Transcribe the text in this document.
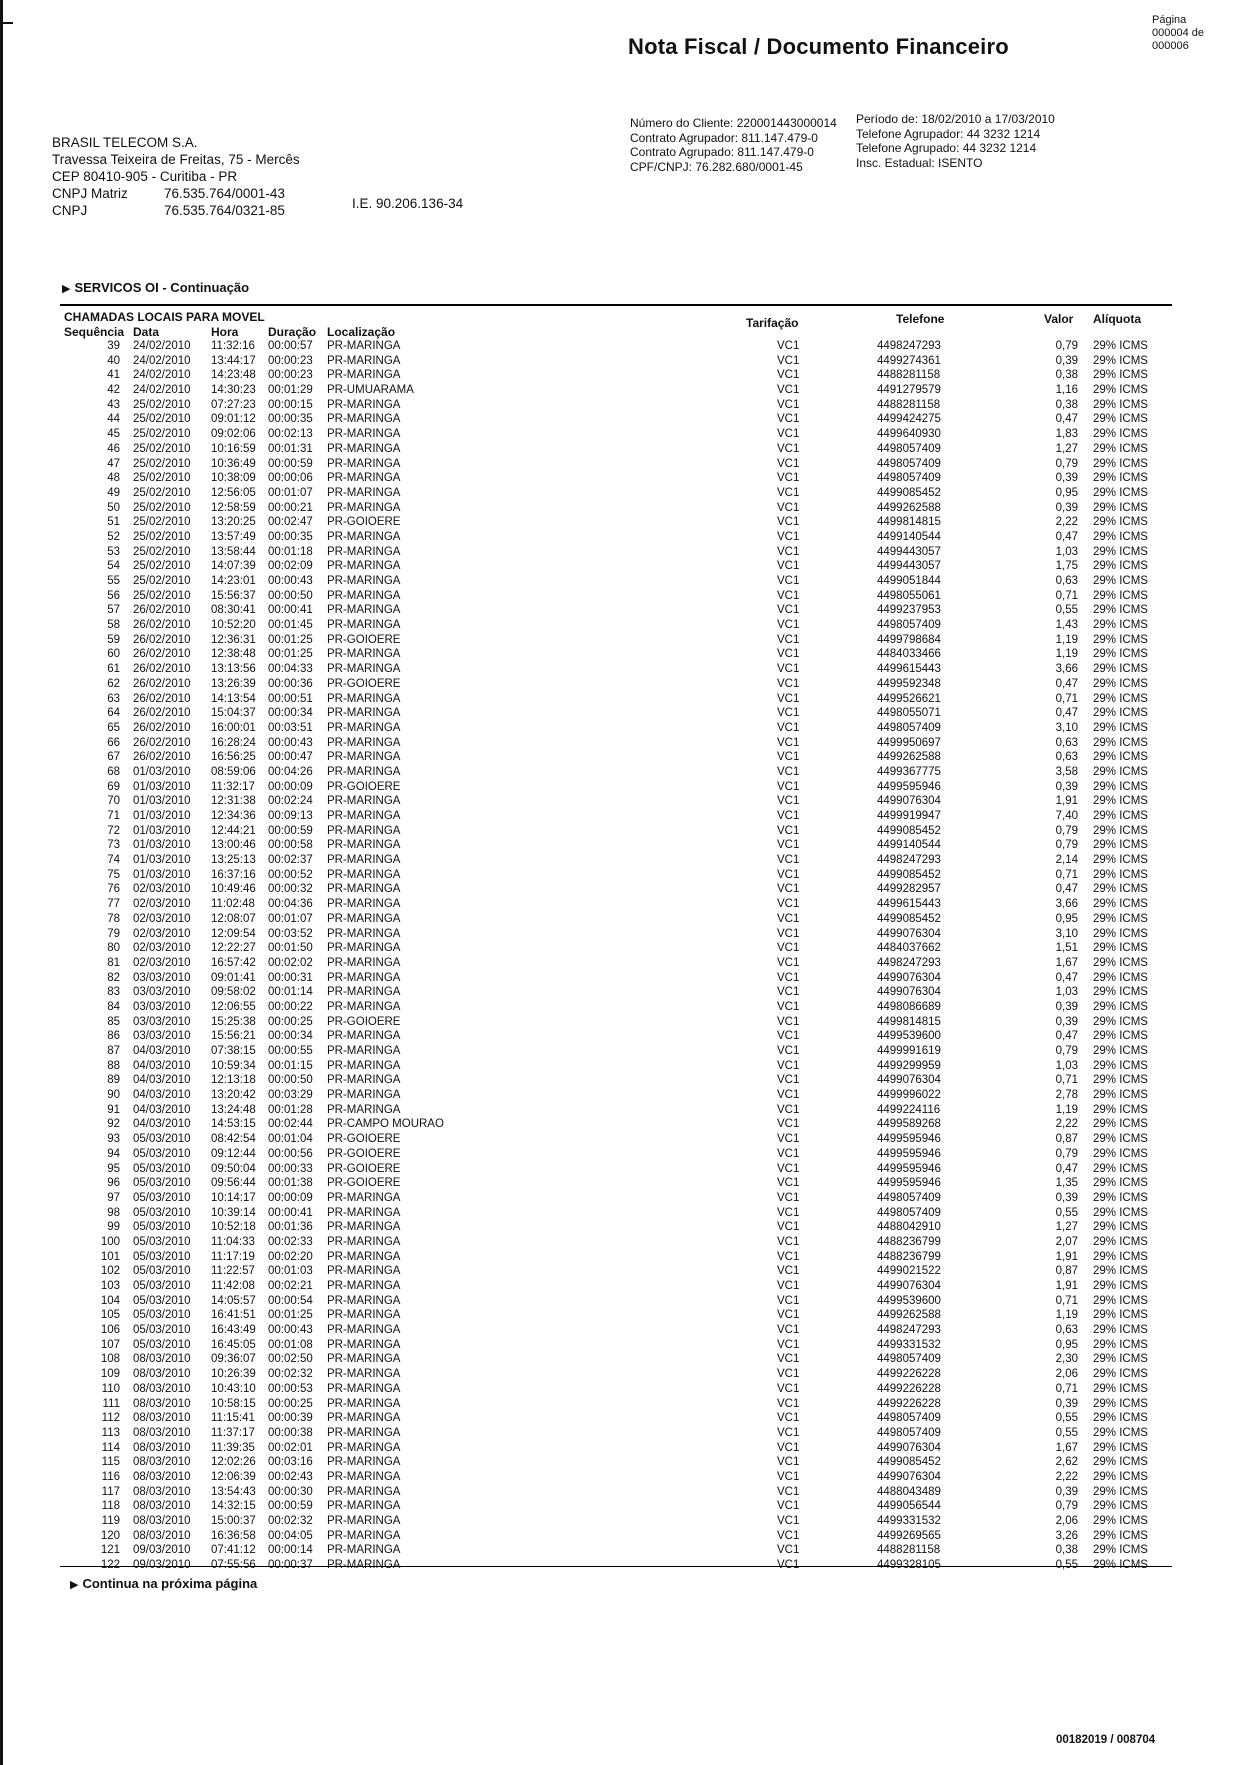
Página
000004 de
000006
Nota Fiscal / Documento Financeiro
BRASIL TELECOM S.A.
Travessa Teixeira de Freitas, 75 - Mercês
CEP 80410-905 - Curitiba - PR
CNPJ Matriz	76.535.764/0001-43
CNPJ	76.535.764/0321-85	I.E. 90.206.136-34
Número do Cliente: 220001443000014
Contrato Agrupador: 811.147.479-0
Contrato Agrupado: 811.147.479-0
CPF/CNPJ: 76.282.680/0001-45
Período de: 18/02/2010 a 17/03/2010
Telefone Agrupador: 44 3232 1214
Telefone Agrupado: 44 3232 1214
Insc. Estadual: ISENTO
▶ SERVICOS OI - Continuação
CHAMADAS LOCAIS PARA MOVEL
Sequência Data	Hora Duração Localização
Tarifação	Telefone	Valor Alíquota
39 24/02/2010 11:32:16 00:00:57 PR-MARINGA	VC1	4498247293	0,79 29% ICMS
40 24/02/2010 13:44:17 00:00:23 PR-MARINGA	VC1	4499274361	0,39 29% ICMS
41 24/02/2010 14:23:48 00:00:23 PR-MARINGA	VC1	4488281158	0,38 29% ICMS
42 24/02/2010 14:30:23 00:01:29 PR-UMUARAMA	VC1	4491279579	1,16 29% ICMS
43 25/02/2010 07:27:23 00:00:15 PR-MARINGA	VC1	4488281158	0,38 29% ICMS
44 25/02/2010 09:01:12 00:00:35 PR-MARINGA	VC1	4499424275	0,47 29% ICMS
45 25/02/2010 09:02:06 00:02:13 PR-MARINGA	VC1	4499640930	1,83 29% ICMS
46 25/02/2010 10:16:59 00:01:31 PR-MARINGA	VC1	4498057409	1,27 29% ICMS
47 25/02/2010 10:36:49 00:00:59 PR-MARINGA	VC1	4498057409	0,79 29% ICMS
48 25/02/2010 10:38:09 00:00:06 PR-MARINGA	VC1	4498057409	0,39 29% ICMS
49 25/02/2010 12:56:05 00:01:07 PR-MARINGA	VC1	4499085452	0,95 29% ICMS
50 25/02/2010 12:58:59 00:00:21 PR-MARINGA	VC1	4499262588	0,39 29% ICMS
51 25/02/2010 13:20:25 00:02:47 PR-GOIOERE	VC1	4499814815	2,22 29% ICMS
52 25/02/2010 13:57:49 00:00:35 PR-MARINGA	VC1	4499140544	0,47 29% ICMS
53 25/02/2010 13:58:44 00:01:18 PR-MARINGA	VC1	4499443057	1,03 29% ICMS
54 25/02/2010 14:07:39 00:02:09 PR-MARINGA	VC1	4499443057	1,75 29% ICMS
55 25/02/2010 14:23:01 00:00:43 PR-MARINGA	VC1	4499051844	0,63 29% ICMS
56 25/02/2010 15:56:37 00:00:50 PR-MARINGA	VC1	4498055061	0,71 29% ICMS
57 26/02/2010 08:30:41 00:00:41 PR-MARINGA	VC1	4499237953	0,55 29% ICMS
58 26/02/2010 10:52:20 00:01:45 PR-MARINGA	VC1	4498057409	1,43 29% ICMS
59 26/02/2010 12:36:31 00:01:25 PR-GOIOERE	VC1	4499798684	1,19 29% ICMS
60 26/02/2010 12:38:48 00:01:25 PR-MARINGA	VC1	4484033466	1,19 29% ICMS
61 26/02/2010 13:13:56 00:04:33 PR-MARINGA	VC1	4499615443	3,66 29% ICMS
62 26/02/2010 13:26:39 00:00:36 PR-GOIOERE	VC1	4499592348	0,47 29% ICMS
63 26/02/2010 14:13:54 00:00:51 PR-MARINGA	VC1	4499526621	0,71 29% ICMS
64 26/02/2010 15:04:37 00:00:34 PR-MARINGA	VC1	4498055071	0,47 29% ICMS
65 26/02/2010 16:00:01 00:03:51 PR-MARINGA	VC1	4498057409	3,10 29% ICMS
66 26/02/2010 16:28:24 00:00:43 PR-MARINGA	VC1	4499950697	0,63 29% ICMS
67 26/02/2010 16:56:25 00:00:47 PR-MARINGA	VC1	4499262588	0,63 29% ICMS
68 01/03/2010 08:59:06 00:04:26 PR-MARINGA	VC1	4499367775	3,58 29% ICMS
69 01/03/2010 11:32:17 00:00:09 PR-GOIOERE	VC1	4499595946	0,39 29% ICMS
70 01/03/2010 12:31:38 00:02:24 PR-MARINGA	VC1	4499076304	1,91 29% ICMS
71 01/03/2010 12:34:36 00:09:13 PR-MARINGA	VC1	4499919947	7,40 29% ICMS
72 01/03/2010 12:44:21 00:00:59 PR-MARINGA	VC1	4499085452	0,79 29% ICMS
73 01/03/2010 13:00:46 00:00:58 PR-MARINGA	VC1	4499140544	0,79 29% ICMS
74 01/03/2010 13:25:13 00:02:37 PR-MARINGA	VC1	4498247293	2,14 29% ICMS
75 01/03/2010 16:37:16 00:00:52 PR-MARINGA	VC1	4499085452	0,71 29% ICMS
76 02/03/2010 10:49:46 00:00:32 PR-MARINGA	VC1	4499282957	0,47 29% ICMS
77 02/03/2010 11:02:48 00:04:36 PR-MARINGA	VC1	4499615443	3,66 29% ICMS
78 02/03/2010 12:08:07 00:01:07 PR-MARINGA	VC1	4499085452	0,95 29% ICMS
79 02/03/2010 12:09:54 00:03:52 PR-MARINGA	VC1	4499076304	3,10 29% ICMS
80 02/03/2010 12:22:27 00:01:50 PR-MARINGA	VC1	4484037662	1,51 29% ICMS
81 02/03/2010 16:57:42 00:02:02 PR-MARINGA	VC1	4498247293	1,67 29% ICMS
82 03/03/2010 09:01:41 00:00:31 PR-MARINGA	VC1	4499076304	0,47 29% ICMS
83 03/03/2010 09:58:02 00:01:14 PR-MARINGA	VC1	4499076304	1,03 29% ICMS
84 03/03/2010 12:06:55 00:00:22 PR-MARINGA	VC1	4498086689	0,39 29% ICMS
85 03/03/2010 15:25:38 00:00:25 PR-GOIOERE	VC1	4499814815	0,39 29% ICMS
86 03/03/2010 15:56:21 00:00:34 PR-MARINGA	VC1	4499539600	0,47 29% ICMS
87 04/03/2010 07:38:15 00:00:55 PR-MARINGA	VC1	4499991619	0,79 29% ICMS
88 04/03/2010 10:59:34 00:01:15 PR-MARINGA	VC1	4499299959	1,03 29% ICMS
89 04/03/2010 12:13:18 00:00:50 PR-MARINGA	VC1	4499076304	0,71 29% ICMS
90 04/03/2010 13:20:42 00:03:29 PR-MARINGA	VC1	4499996022	2,78 29% ICMS
91 04/03/2010 13:24:48 00:01:28 PR-MARINGA	VC1	4499224116	1,19 29% ICMS
92 04/03/2010 14:53:15 00:02:44 PR-CAMPO MOURAO	VC1	4499589268	2,22 29% ICMS
93 05/03/2010 08:42:54 00:01:04 PR-GOIOERE	VC1	4499595946	0,87 29% ICMS
94 05/03/2010 09:12:44 00:00:56 PR-GOIOERE	VC1	4499595946	0,79 29% ICMS
95 05/03/2010 09:50:04 00:00:33 PR-GOIOERE	VC1	4499595946	0,47 29% ICMS
96 05/03/2010 09:56:44 00:01:38 PR-GOIOERE	VC1	4499595946	1,35 29% ICMS
97 05/03/2010 10:14:17 00:00:09 PR-MARINGA	VC1	4498057409	0,39 29% ICMS
98 05/03/2010 10:39:14 00:00:41 PR-MARINGA	VC1	4498057409	0,55 29% ICMS
99 05/03/2010 10:52:18 00:01:36 PR-MARINGA	VC1	4488042910	1,27 29% ICMS
100 05/03/2010 11:04:33 00:02:33 PR-MARINGA	VC1	4488236799	2,07 29% ICMS
101 05/03/2010 11:17:19 00:02:20 PR-MARINGA	VC1	4488236799	1,91 29% ICMS
102 05/03/2010 11:22:57 00:01:03 PR-MARINGA	VC1	4499021522	0,87 29% ICMS
103 05/03/2010 11:42:08 00:02:21 PR-MARINGA	VC1	4499076304	1,91 29% ICMS
104 05/03/2010 14:05:57 00:00:54 PR-MARINGA	VC1	4499539600	0,71 29% ICMS
105 05/03/2010 16:41:51 00:01:25 PR-MARINGA	VC1	4499262588	1,19 29% ICMS
106 05/03/2010 16:43:49 00:00:43 PR-MARINGA	VC1	4498247293	0,63 29% ICMS
107 05/03/2010 16:45:05 00:01:08 PR-MARINGA	VC1	4499331532	0,95 29% ICMS
108 08/03/2010 09:36:07 00:02:50 PR-MARINGA	VC1	4498057409	2,30 29% ICMS
109 08/03/2010 10:26:39 00:02:32 PR-MARINGA	VC1	4499226228	2,06 29% ICMS
110 08/03/2010 10:43:10 00:00:53 PR-MARINGA	VC1	4499226228	0,71 29% ICMS
111 08/03/2010 10:58:15 00:00:25 PR-MARINGA	VC1	4499226228	0,39 29% ICMS
112 08/03/2010 11:15:41 00:00:39 PR-MARINGA	VC1	4498057409	0,55 29% ICMS
113 08/03/2010 11:37:17 00:00:38 PR-MARINGA	VC1	4498057409	0,55 29% ICMS
114 08/03/2010 11:39:35 00:02:01 PR-MARINGA	VC1	4499076304	1,67 29% ICMS
115 08/03/2010 12:02:26 00:03:16 PR-MARINGA	VC1	4499085452	2,62 29% ICMS
116 08/03/2010 12:06:39 00:02:43 PR-MARINGA	VC1	4499076304	2,22 29% ICMS
117 08/03/2010 13:54:43 00:00:30 PR-MARINGA	VC1	4488043489	0,39 29% ICMS
118 08/03/2010 14:32:15 00:00:59 PR-MARINGA	VC1	4499056544	0,79 29% ICMS
119 08/03/2010 15:00:37 00:02:32 PR-MARINGA	VC1	4499331532	2,06 29% ICMS
120 08/03/2010 16:36:58 00:04:05 PR-MARINGA	VC1	4499269565	3,26 29% ICMS
121 09/03/2010 07:41:12 00:00:14 PR-MARINGA	VC1	4488281158	0,38 29% ICMS
▶ Continua na próxima página
00182019 / 008704
